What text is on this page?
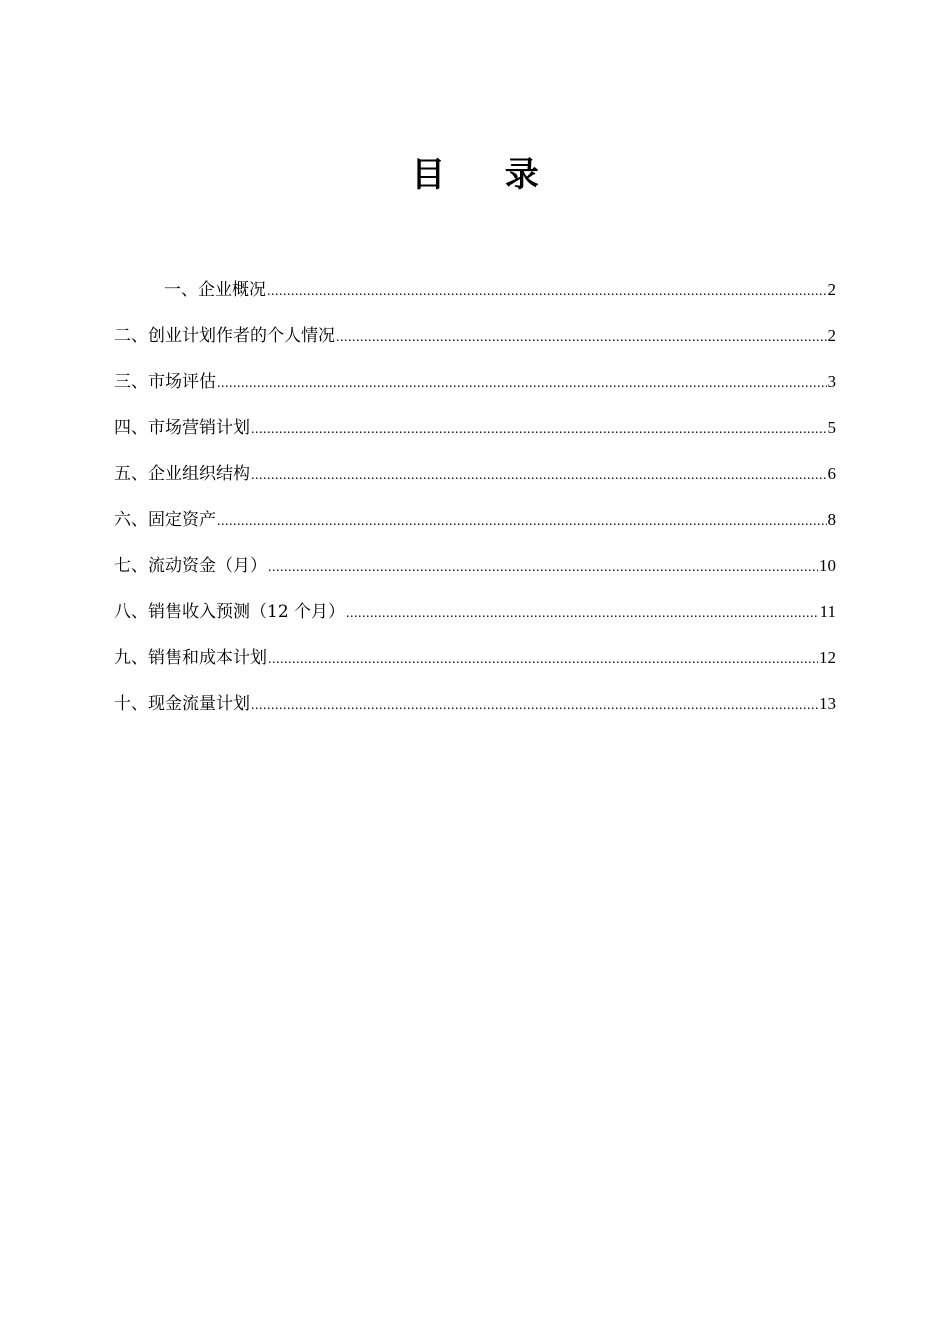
目 录
一、企业概况 .....	2
二、创业计划作者的个人情况 .....	2
三、市场评估 .....	3
四、市场营销计划 .....	5
五、企业组织结构 .....	6
六、固定资产 .....	8
七、流动资金（月） .....	10
八、销售收入预测（12 个月） .....	11
九、销售和成本计划 .....	12
十、现金流量计划 .....	13
